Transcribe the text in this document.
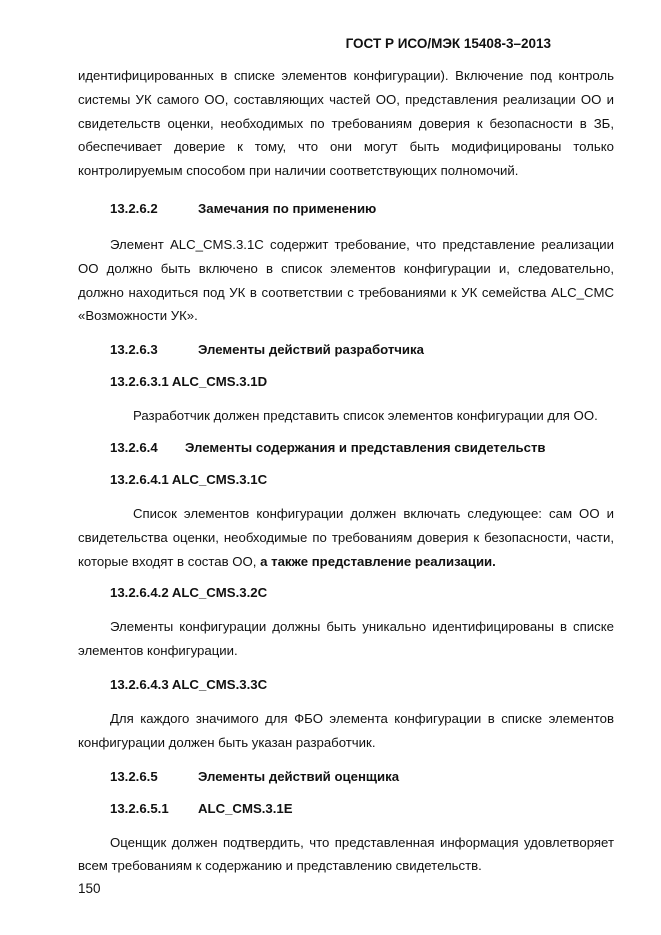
ГОСТ Р ИСО/МЭК 15408-3–2013

идентифицированных в списке элементов конфигурации). Включение под контроль системы УК самого ОО, составляющих частей ОО, представления реализации ОО и свидетельств оценки, необходимых по требованиям доверия к безопасности в ЗБ, обеспечивает доверие к тому, что они могут быть модифицированы только контролируемым способом при наличии соответствующих полномочий.

13.2.6.2	Замечания по применению

Элемент ALC_CMS.3.1C содержит требование, что представление реализации ОО должно быть включено в список элементов конфигурации и, следовательно, должно находиться под УК в соответствии с требованиями к УК семейства ALC_CMC «Возможности УК».

13.2.6.3	Элементы действий разработчика
13.2.6.3.1 ALC_CMS.3.1D

Разработчик должен представить список элементов конфигурации для ОО.

13.2.6.4 Элементы содержания и представления свидетельств
13.2.6.4.1 ALC_CMS.3.1C

Список элементов конфигурации должен включать следующее: сам ОО и свидетельства оценки, необходимые по требованиям доверия к безопасности, части, которые входят в состав ОО, а также представление реализации.

13.2.6.4.2 ALC_CMS.3.2C

Элементы конфигурации должны быть уникально идентифицированы в списке элементов конфигурации.

13.2.6.4.3 ALC_CMS.3.3C

Для каждого значимого для ФБО элемента конфигурации в списке элементов конфигурации должен быть указан разработчик.

13.2.6.5	Элементы действий оценщика
13.2.6.5.1 ALC_CMS.3.1E

Оценщик должен подтвердить, что представленная информация удовлетворяет всем требованиям к содержанию и представлению свидетельств.

150
